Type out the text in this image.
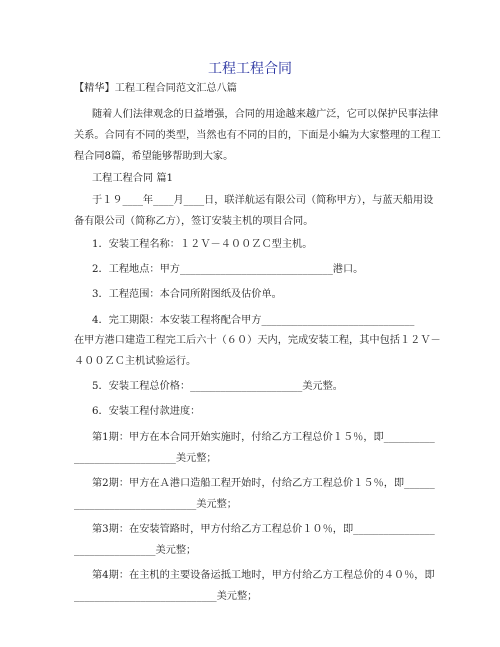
工程工程合同
【精华】工程工程合同范文汇总八篇
随着人们法律观念的日益增强，合同的用途越来越广泛，它可以保护民事法律
关系。合同有不同的类型，当然也有不同的目的，下面是小编为大家整理的工程工
程合同8篇，希望能够帮助到大家。
工程工程合同 篇1
于１９____年____月____日，联洋航运有限公司（简称甲方），与蓝天船用设
备有限公司（简称乙方），签订安装主机的项目合同。
1．安装工程名称：１２Ｖ－４００ＺＣ型主机。
2．工程地点：甲方______________________________港口。
3．工程范围：本合同所附图纸及估价单。
4．完工期限：本安装工程将配合甲方______________________________
在甲方港口建造工程完工后六十（６０）天内，完成安装工程，其中包括１２Ｖ－
４００ＺＣ主机试验运行。
5．安装工程总价格：______________________美元整。
6．安装工程付款进度：
第1期：甲方在本合同开始实施时，付给乙方工程总价１５％，即__________
____________________美元整；
第2期：甲方在Ａ港口造船工程开始时，付给乙方工程总价１５％，即______
________________________美元整；
第3期：在安装管路时，甲方付给乙方工程总价１０％，即________________
________________美元整；
第4期：在主机的主要设备运抵工地时，甲方付给乙方工程总价的４０％，即
____________________________美元整；
